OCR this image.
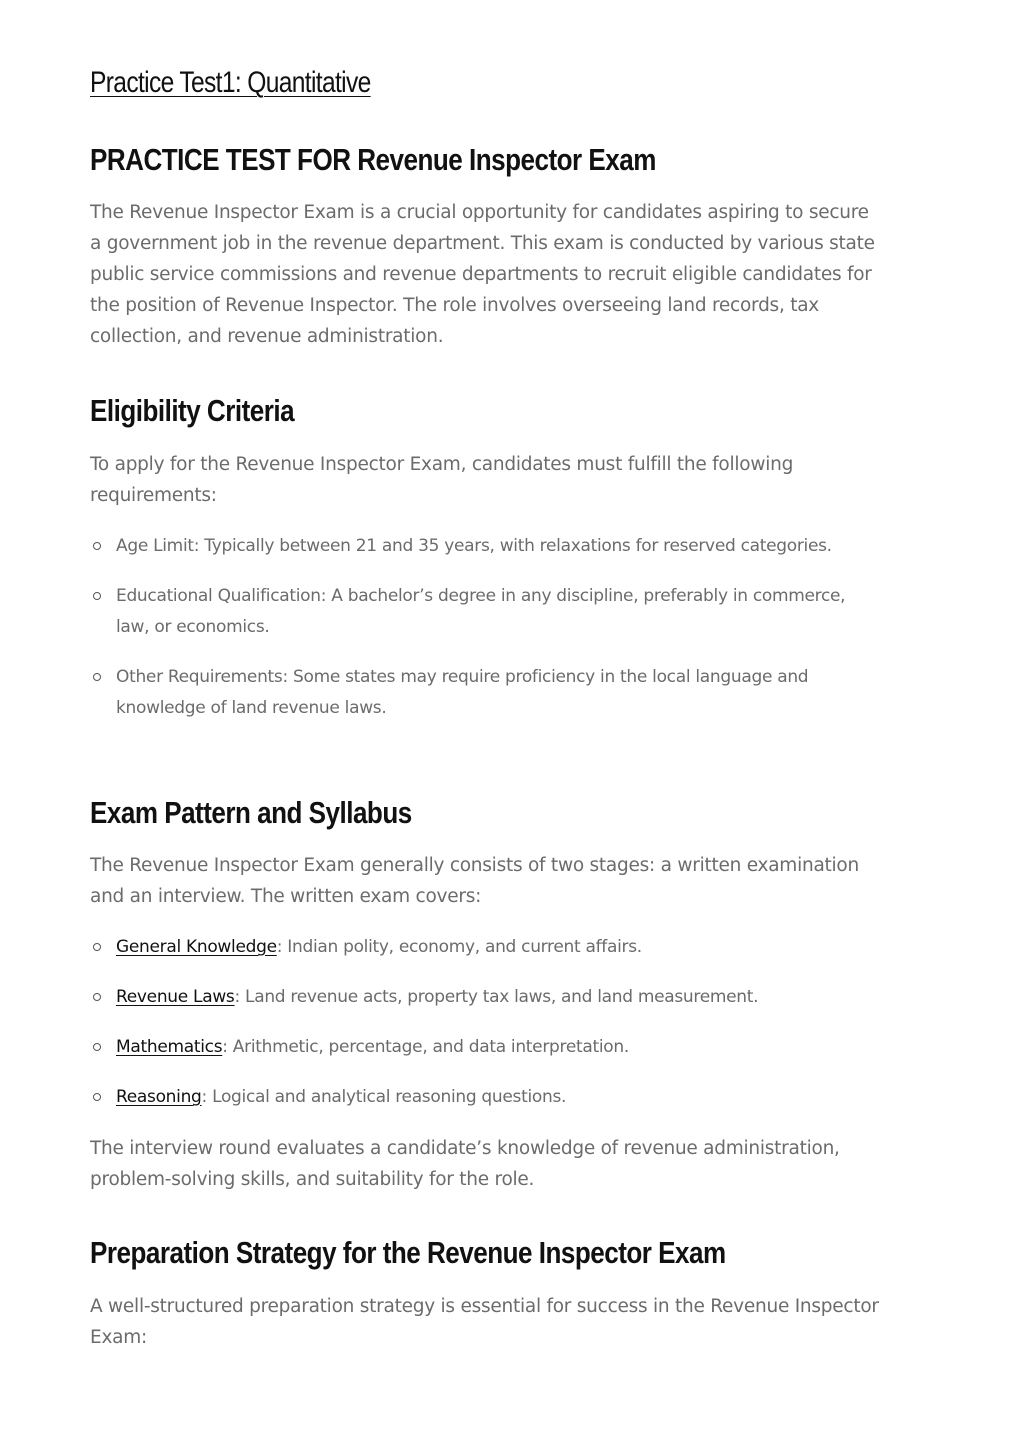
Practice Test1: Quantitative
PRACTICE TEST FOR Revenue Inspector Exam

The Revenue Inspector Exam is a crucial opportunity for candidates aspiring to secure a government job in the revenue department. This exam is conducted by various state public service commissions and revenue departments to recruit eligible candidates for the position of Revenue Inspector. The role involves overseeing land records, tax collection, and revenue administration.

Eligibility Criteria

To apply for the Revenue Inspector Exam, candidates must fulfill the following requirements:

Age Limit: Typically between 21 and 35 years, with relaxations for reserved categories.
Educational Qualification: A bachelor’s degree in any discipline, preferably in commerce, law, or economics.
Other Requirements: Some states may require proficiency in the local language and knowledge of land revenue laws.
Exam Pattern and Syllabus

The Revenue Inspector Exam generally consists of two stages: a written examination and an interview. The written exam covers:

General Knowledge: Indian polity, economy, and current affairs.
Revenue Laws: Land revenue acts, property tax laws, and land measurement.
Mathematics: Arithmetic, percentage, and data interpretation.
Reasoning: Logical and analytical reasoning questions.

The interview round evaluates a candidate’s knowledge of revenue administration, problem-solving skills, and suitability for the role.

Preparation Strategy for the Revenue Inspector Exam

A well-structured preparation strategy is essential for success in the Revenue Inspector Exam:
